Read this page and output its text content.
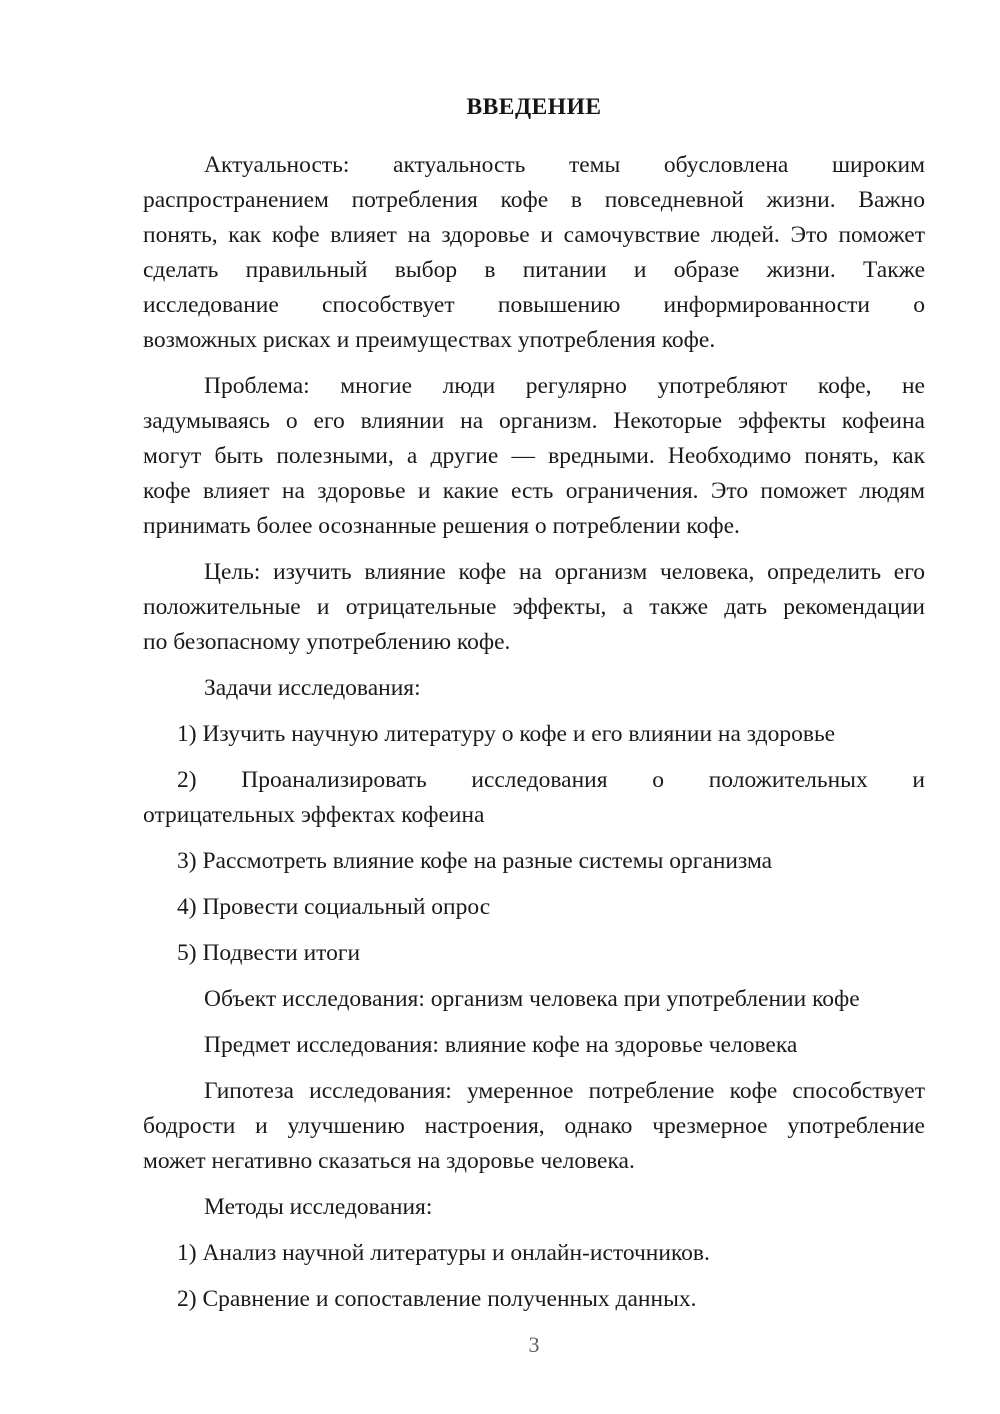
ВВЕДЕНИЕ
Актуальность: актуальность темы обусловлена широким
распространением потребления кофе в повседневной жизни. Важно
понять, как кофе влияет на здоровье и самочувствие людей. Это поможет
сделать правильный выбор в питании и образе жизни. Также
исследование способствует повышению информированности о
возможных рисках и преимуществах употребления кофе.
Проблема: многие люди регулярно употребляют кофе, не
задумываясь о его влиянии на организм. Некоторые эффекты кофеина
могут быть полезными, а другие — вредными. Необходимо понять, как
кофе влияет на здоровье и какие есть ограничения. Это поможет людям
принимать более осознанные решения о потреблении кофе.
Цель: изучить влияние кофе на организм человека, определить его
положительные и отрицательные эффекты, а также дать рекомендации
по безопасному употреблению кофе.
Задачи исследования:
1) Изучить научную литературу о кофе и его влиянии на здоровье
2) Проанализировать исследования о положительных и
отрицательных эффектах кофеина
3) Рассмотреть влияние кофе на разные системы организма
4) Провести социальный опрос
5) Подвести итоги
Объект исследования: организм человека при употреблении кофе
Предмет исследования: влияние кофе на здоровье человека
Гипотеза исследования: умеренное потребление кофе способствует
бодрости и улучшению настроения, однако чрезмерное употребление
может негативно сказаться на здоровье человека.
Методы исследования:
1) Анализ научной литературы и онлайн-источников.
2) Сравнение и сопоставление полученных данных.
3
